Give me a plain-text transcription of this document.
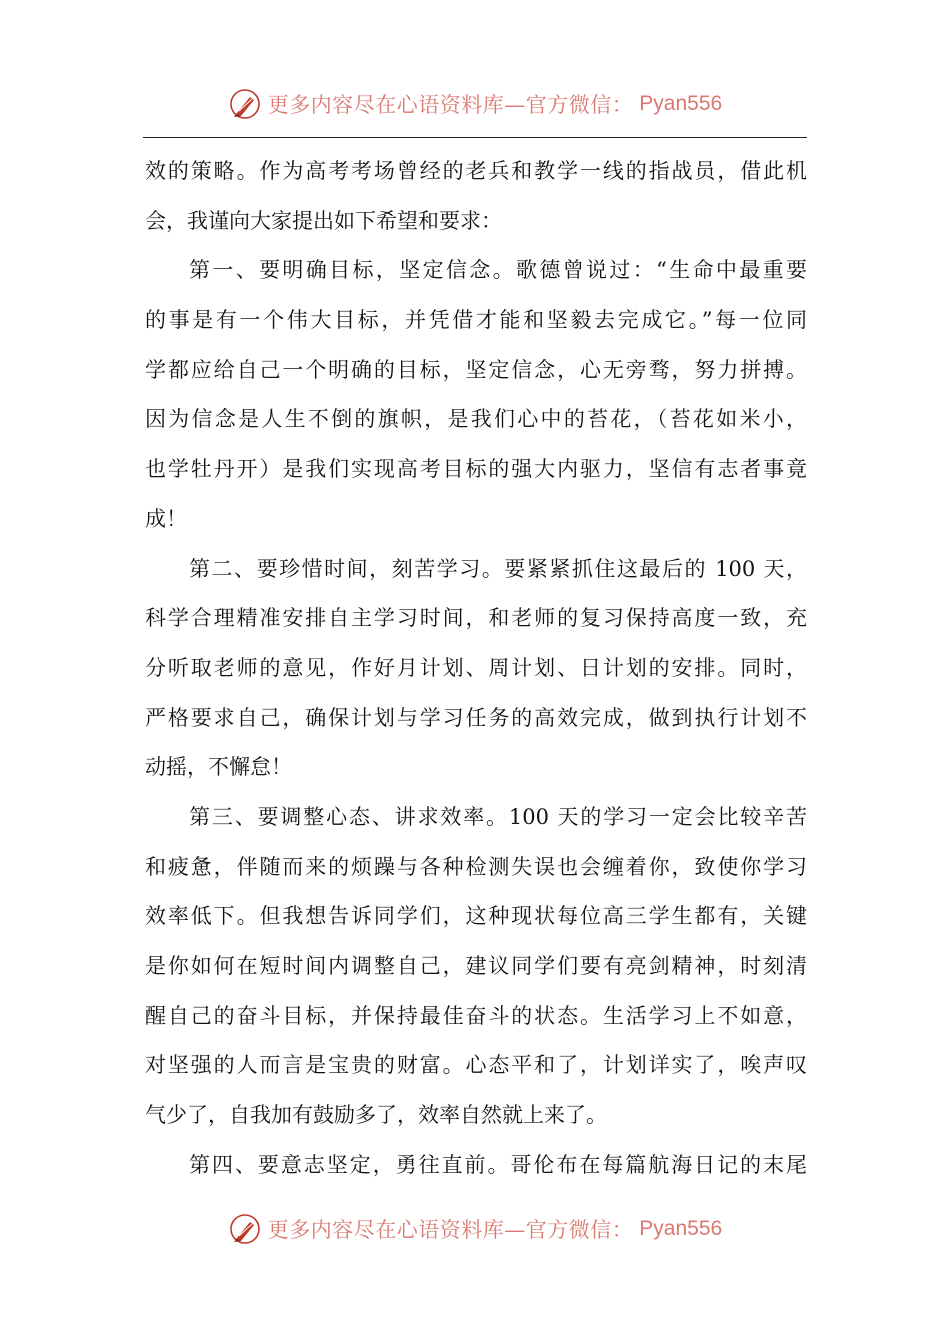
更多内容尽在心语资料库—官方微信： Pyan556
效的策略。作为高考考场曾经的老兵和教学一线的指战员，借此机
会，我谨向大家提出如下希望和要求：
第一、要明确目标，坚定信念。歌德曾说过：“生命中最重要
的事是有一个伟大目标，并凭借才能和坚毅去完成它。”每一位同
学都应给自己一个明确的目标，坚定信念，心无旁骛，努力拼搏。
因为信念是人生不倒的旗帜，是我们心中的苔花，（苔花如米小，
也学牡丹开）是我们实现高考目标的强大内驱力，坚信有志者事竟
成！
第二、要珍惜时间，刻苦学习。要紧紧抓住这最后的 100 天，
科学合理精准安排自主学习时间，和老师的复习保持高度一致，充
分听取老师的意见，作好月计划、周计划、日计划的安排。同时，
严格要求自己，确保计划与学习任务的高效完成，做到执行计划不
动摇，不懈怠！
第三、要调整心态、讲求效率。100 天的学习一定会比较辛苦
和疲惫，伴随而来的烦躁与各种检测失误也会缠着你，致使你学习
效率低下。但我想告诉同学们，这种现状每位高三学生都有，关键
是你如何在短时间内调整自己，建议同学们要有亮剑精神，时刻清
醒自己的奋斗目标，并保持最佳奋斗的状态。生活学习上不如意，
对坚强的人而言是宝贵的财富。心态平和了，计划详实了，唉声叹
气少了，自我加有鼓励多了，效率自然就上来了。
第四、要意志坚定，勇往直前。哥伦布在每篇航海日记的末尾
更多内容尽在心语资料库—官方微信： Pyan556
